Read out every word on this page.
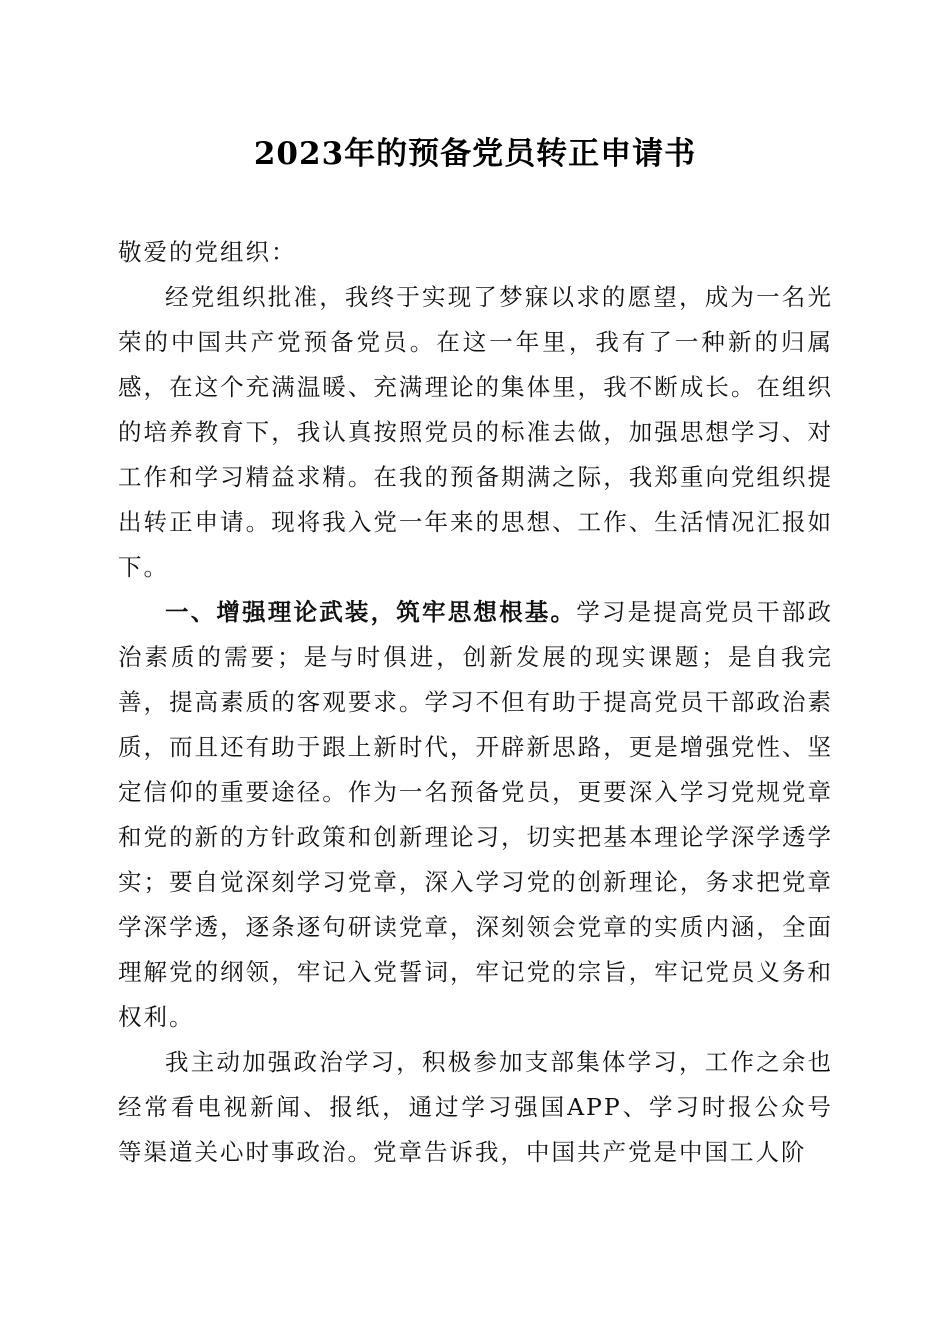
2023年的预备党员转正申请书

敬爱的党组织：

经党组织批准，我终于实现了梦寐以求的愿望，成为一名光荣的中国共产党预备党员。在这一年里，我有了一种新的归属感，在这个充满温暖、充满理论的集体里，我不断成长。在组织的培养教育下，我认真按照党员的标准去做，加强思想学习、对工作和学习精益求精。在我的预备期满之际，我郑重向党组织提出转正申请。现将我入党一年来的思想、工作、生活情况汇报如下。

一、增强理论武装，筑牢思想根基。学习是提高党员干部政治素质的需要；是与时俱进，创新发展的现实课题；是自我完善，提高素质的客观要求。学习不但有助于提高党员干部政治素质，而且还有助于跟上新时代，开辟新思路，更是增强党性、坚定信仰的重要途径。作为一名预备党员，更要深入学习党规党章和党的新的方针政策和创新理论习，切实把基本理论学深学透学实；要自觉深刻学习党章，深入学习党的创新理论，务求把党章学深学透，逐条逐句研读党章，深刻领会党章的实质内涵，全面理解党的纲领，牢记入党誓词，牢记党的宗旨，牢记党员义务和权利。

我主动加强政治学习，积极参加支部集体学习，工作之余也经常看电视新闻、报纸，通过学习强国APP、学习时报公众号等渠道关心时事政治。党章告诉我，中国共产党是中国工人阶
